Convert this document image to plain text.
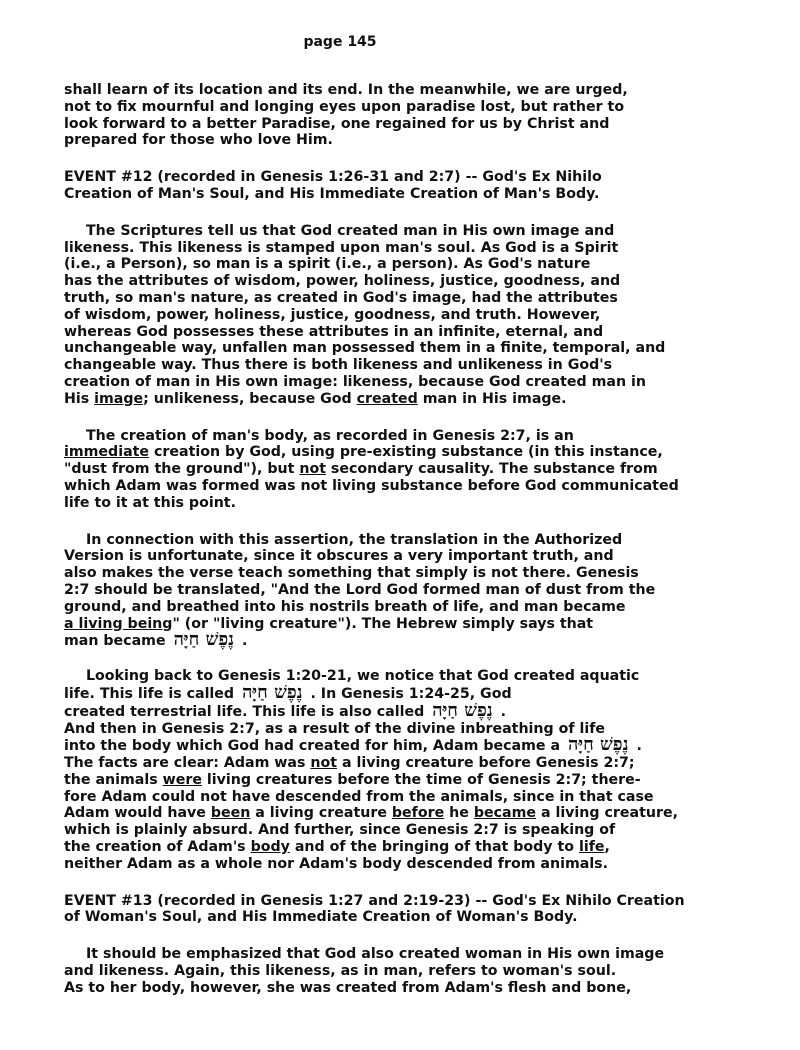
page 145
shall learn of its location and its end. In the meanwhile, we are urged,
not to fix mournful and longing eyes upon paradise lost, but rather to
look forward to a better Paradise, one regained for us by Christ and
prepared for those who love Him.
EVENT #12 (recorded in Genesis 1:26-31 and 2:7) -- God's Ex Nihilo
Creation of Man's Soul, and His Immediate Creation of Man's Body.
The Scriptures tell us that God created man in His own image and
likeness. This likeness is stamped upon man's soul. As God is a Spirit
(i.e., a Person), so man is a spirit (i.e., a person). As God's nature
has the attributes of wisdom, power, holiness, justice, goodness, and
truth, so man's nature, as created in God's image, had the attributes
of wisdom, power, holiness, justice, goodness, and truth. However,
whereas God possesses these attributes in an infinite, eternal, and
unchangeable way, unfallen man possessed them in a finite, temporal, and
changeable way. Thus there is both likeness and unlikeness in God's
creation of man in His own image: likeness, because God created man in
His image; unlikeness, because God created man in His image.
The creation of man's body, as recorded in Genesis 2:7, is an
immediate creation by God, using pre-existing substance (in this instance,
"dust from the ground"), but not secondary causality. The substance from
which Adam was formed was not living substance before God communicated
life to it at this point.
In connection with this assertion, the translation in the Authorized
Version is unfortunate, since it obscures a very important truth, and
also makes the verse teach something that simply is not there. Genesis
2:7 should be translated, "And the Lord God formed man of dust from the
ground, and breathed into his nostrils breath of life, and man became
a living being" (or "living creature"). The Hebrew simply says that
man became נֶפֶשׁ חַיָּה .
Looking back to Genesis 1:20-21, we notice that God created aquatic
life. This life is called נֶפֶשׁ חַיָּה . In Genesis 1:24-25, God
created terrestrial life. This life is also called נֶפֶשׁ חַיָּה .
And then in Genesis 2:7, as a result of the divine inbreathing of life
into the body which God had created for him, Adam became a נֶפֶשׁ חַיָּה .
The facts are clear: Adam was not a living creature before Genesis 2:7;
the animals were living creatures before the time of Genesis 2:7; there-
fore Adam could not have descended from the animals, since in that case
Adam would have been a living creature before he became a living creature,
which is plainly absurd. And further, since Genesis 2:7 is speaking of
the creation of Adam's body and of the bringing of that body to life,
neither Adam as a whole nor Adam's body descended from animals.
EVENT #13 (recorded in Genesis 1:27 and 2:19-23) -- God's Ex Nihilo Creation
of Woman's Soul, and His Immediate Creation of Woman's Body.
It should be emphasized that God also created woman in His own image
and likeness. Again, this likeness, as in man, refers to woman's soul.
As to her body, however, she was created from Adam's flesh and bone,
